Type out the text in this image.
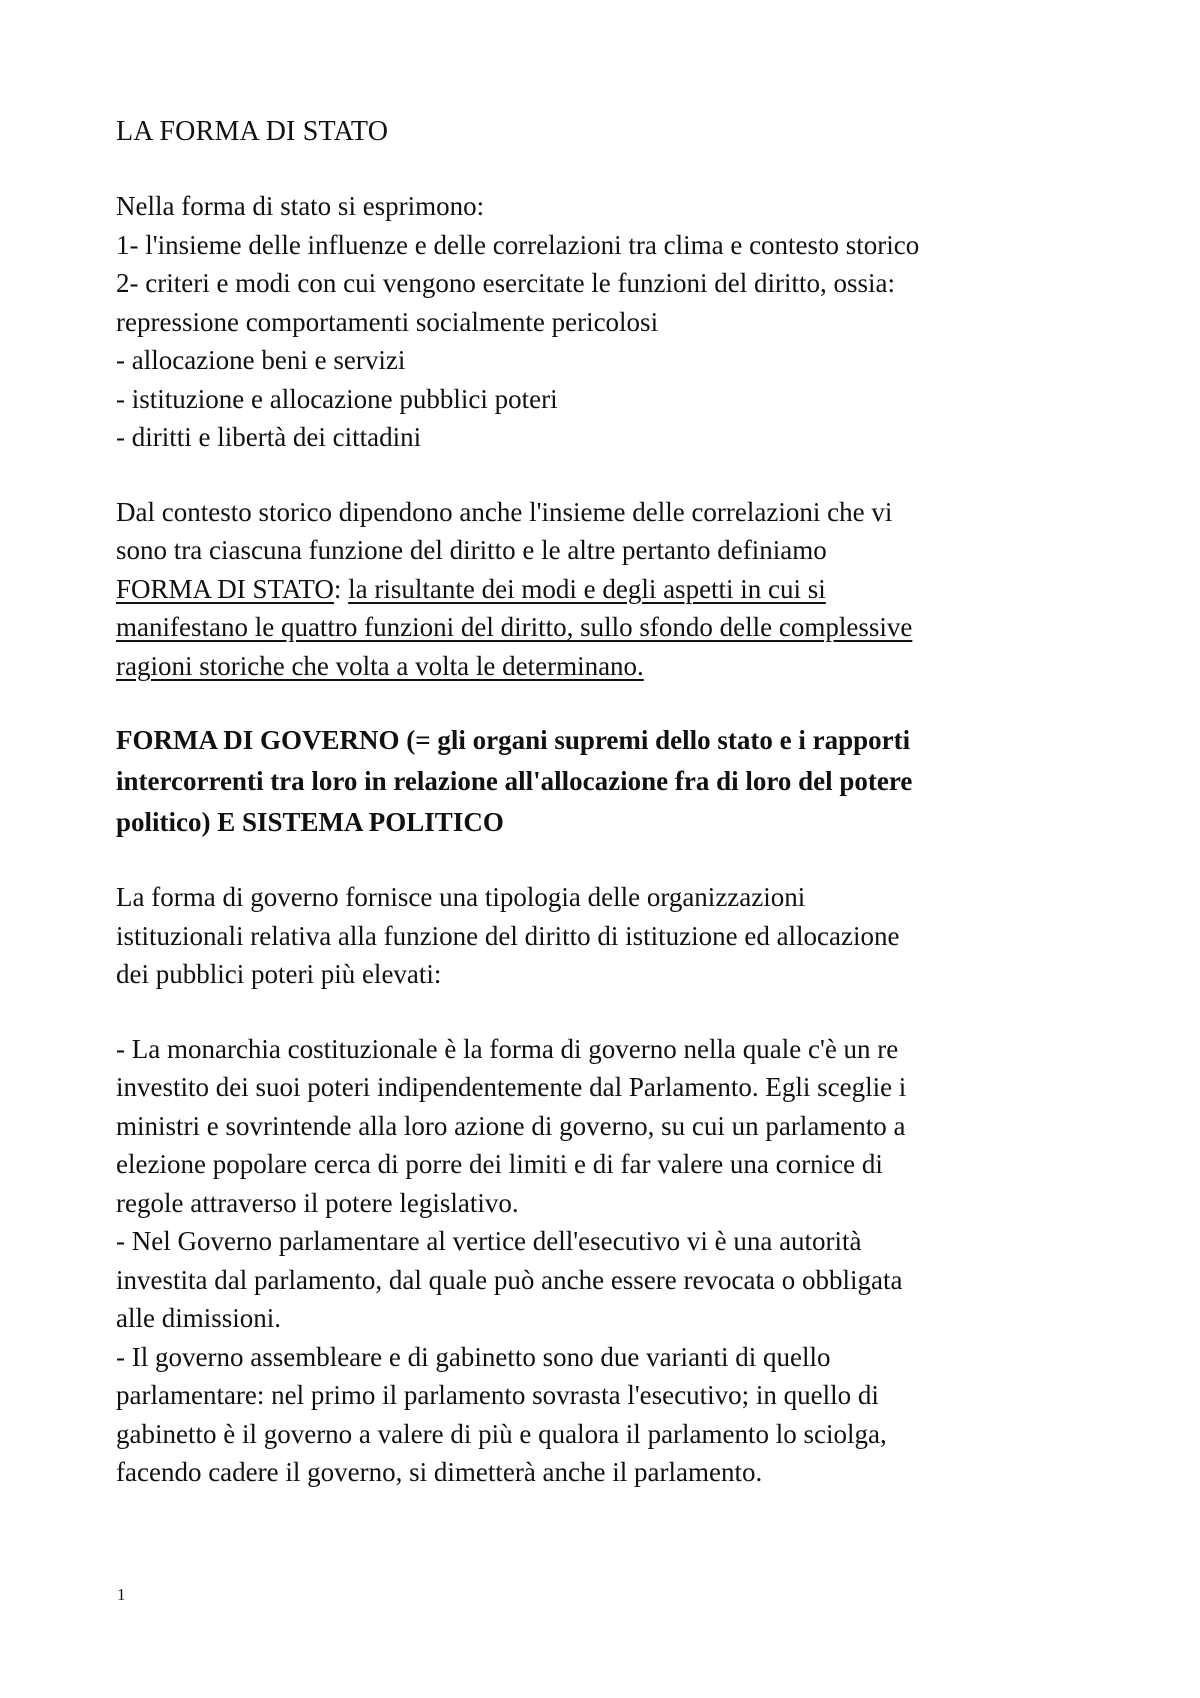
LA FORMA DI STATO
Nella forma di stato si esprimono:
1- l'insieme delle influenze e delle correlazioni tra clima e contesto storico
2- criteri e modi con cui vengono esercitate le funzioni del diritto, ossia:
repressione comportamenti socialmente pericolosi
- allocazione beni e servizi
- istituzione e allocazione pubblici poteri
- diritti e libertà dei cittadini
Dal contesto storico dipendono anche l'insieme delle correlazioni che vi
sono tra ciascuna funzione del diritto e le altre pertanto definiamo
FORMA DI STATO: la risultante dei modi e degli aspetti in cui si
manifestano le quattro funzioni del diritto, sullo sfondo delle complessive
ragioni storiche che volta a volta le determinano.
FORMA DI GOVERNO (= gli organi supremi dello stato e i rapporti
intercorrenti tra loro in relazione all'allocazione fra di loro del potere
politico) E SISTEMA POLITICO
La forma di governo fornisce una tipologia delle organizzazioni
istituzionali relativa alla funzione del diritto di istituzione ed allocazione
dei pubblici poteri più elevati:
- La monarchia costituzionale è la forma di governo nella quale c'è un re
investito dei suoi poteri indipendentemente dal Parlamento. Egli sceglie i
ministri e sovrintende alla loro azione di governo, su cui un parlamento a
elezione popolare cerca di porre dei limiti e di far valere una cornice di
regole attraverso il potere legislativo.
- Nel Governo parlamentare al vertice dell'esecutivo vi è una autorità
investita dal parlamento, dal quale può anche essere revocata o obbligata
alle dimissioni.
- Il governo assembleare e di gabinetto sono due varianti di quello
parlamentare: nel primo il parlamento sovrasta l'esecutivo; in quello di
gabinetto è il governo a valere di più e qualora il parlamento lo sciolga,
facendo cadere il governo, si dimetterà anche il parlamento.
1
